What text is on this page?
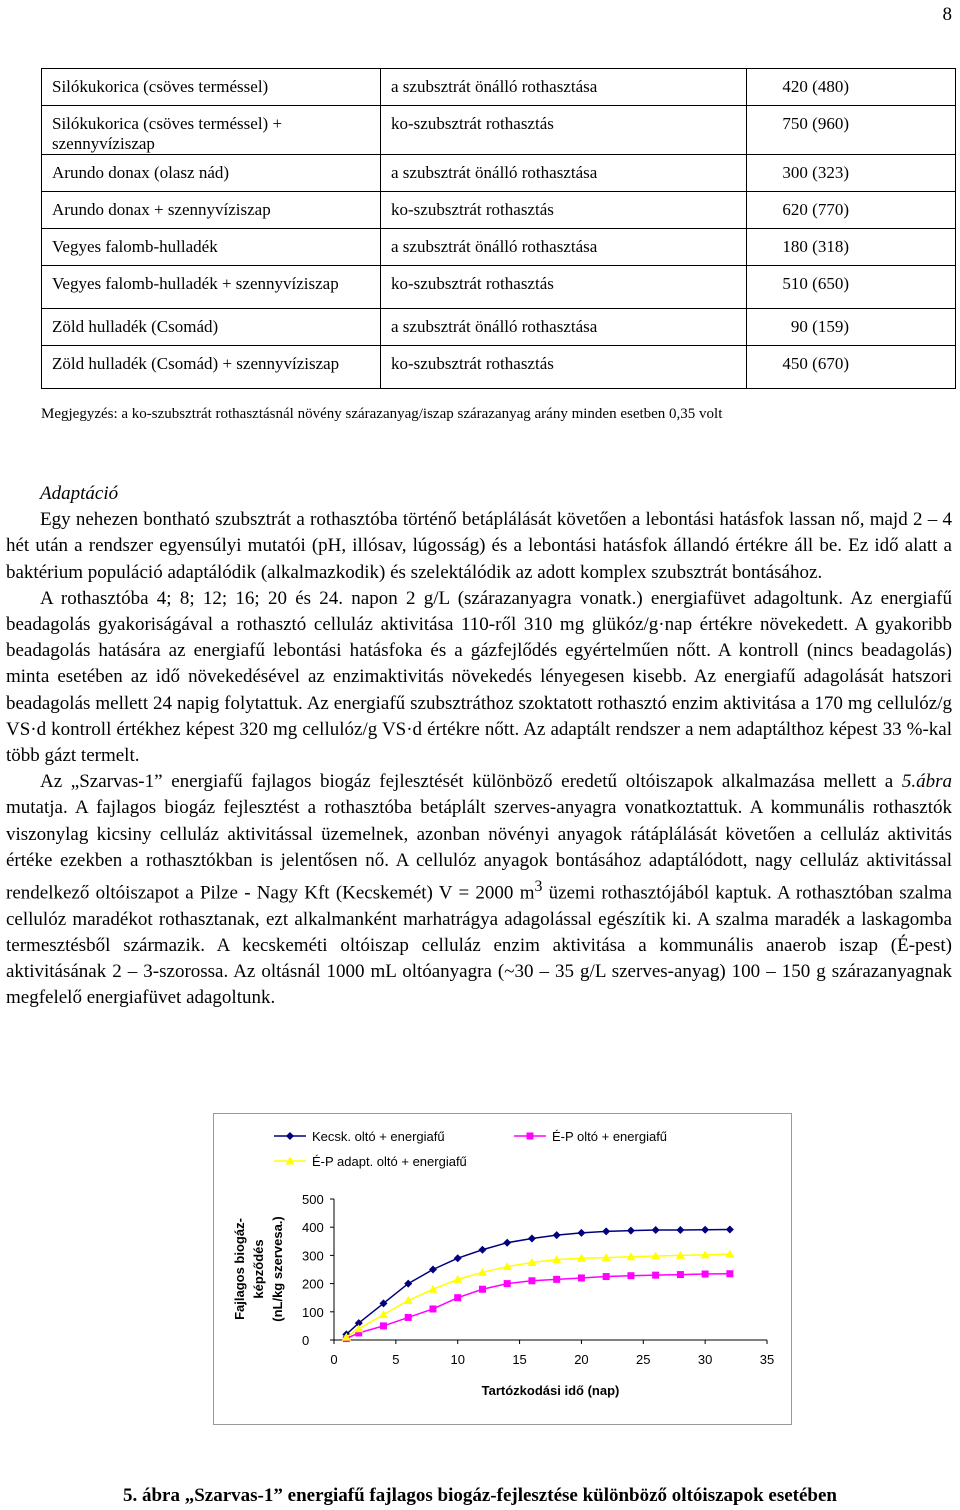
8
Silókukorica (csöves terméssel)	a szubsztrát önálló rothasztása	420 (480)
Silókukorica (csöves terméssel) + szennyvíziszap	ko-szubsztrát rothasztás	750 (960)
Arundo donax (olasz nád)	a szubsztrát önálló rothasztása	300 (323)
Arundo donax + szennyvíziszap	ko-szubsztrát rothasztás	620 (770)
Vegyes falomb-hulladék	a szubsztrát önálló rothasztása	180 (318)
Vegyes falomb-hulladék + szennyvíziszap	ko-szubsztrát rothasztás	510 (650)
Zöld hulladék (Csomád)	a szubsztrát önálló rothasztása	90 (159)
Zöld hulladék (Csomád) + szennyvíziszap	ko-szubsztrát rothasztás	450 (670)
Megjegyzés: a ko-szubsztrát rothasztásnál növény szárazanyag/iszap szárazanyag arány minden esetben 0,35 volt

Adaptáció

Egy nehezen bontható szubsztrát a rothasztóba történő betáplálását követően a lebontási hatásfok lassan nő, majd 2 – 4 hét után a rendszer egyensúlyi mutatói (pH, illósav, lúgosság) és a lebontási hatásfok állandó értékre áll be. Ez idő alatt a baktérium populáció adaptálódik (alkalmazkodik) és szelektálódik az adott komplex szubsztrát bontásához.

A rothasztóba 4; 8; 12; 16; 20 és 24. napon 2 g/L (szárazanyagra vonatk.) energiafüvet adagoltunk. Az energiafű beadagolás gyakoriságával a rothasztó celluláz aktivitása 110-ről 310 mg glükóz/g·nap értékre növekedett. A gyakoribb beadagolás hatására az energiafű lebontási hatásfoka és a gázfejlődés egyértelműen nőtt. A kontroll (nincs beadagolás) minta esetében az idő növekedésével az enzimaktivitás növekedés lényegesen kisebb. Az energiafű adagolását hatszori beadagolás mellett 24 napig folytattuk. Az energiafű szubsztráthoz szoktatott rothasztó enzim aktivitása a 170 mg cellulóz/g VS·d kontroll értékhez képest 320 mg cellulóz/g VS·d értékre nőtt. Az adaptált rendszer a nem adaptálthoz képest 33 %-kal több gázt termelt.

Az „Szarvas-1” energiafű fajlagos biogáz fejlesztését különböző eredetű oltóiszapok alkalmazása mellett a 5.ábra mutatja. A fajlagos biogáz fejlesztést a rothasztóba betáplált szerves-anyagra vonatkoztattuk. A kommunális rothasztók viszonylag kicsiny celluláz aktivitással üzemelnek, azonban növényi anyagok rátáplálását követően a celluláz aktivitás értéke ezekben a rothasztókban is jelentősen nő. A cellulóz anyagok bontásához adaptálódott, nagy celluláz aktivitással rendelkező oltóiszapot a Pilze - Nagy Kft (Kecskemét) V = 2000 $m^3$ üzemi rothasztójából kaptuk. A rothasztóban szalma cellulóz maradékot rothasztanak, ezt alkalmanként marhatrágya adagolással egészítik ki. A szalma maradék a laskagomba termesztésből származik. A kecskeméti oltóiszap celluláz enzim aktivitása a kommunális anaerob iszap (É-pest) aktivitásának 2 – 3-szorossa. Az oltásnál 1000 mL oltóanyagra (~30 – 35 g/L szerves-anyag) 100 – 150 g szárazanyagnak megfelelő energiafüvet adagoltunk.

0
100
200
300
400
500
0	5	10	15	20	25	30	35
Tartózkodási idő (nap)
Fajlagos biogáz- képződés (nL/kg szervesa.)
Kecsk. oltó + energiafű	É-P oltó + energiafű
É-P adapt. oltó + energiafű
5. ábra „Szarvas-1” energiafű fajlagos biogáz-fejlesztése különböző oltóiszapok esetében
